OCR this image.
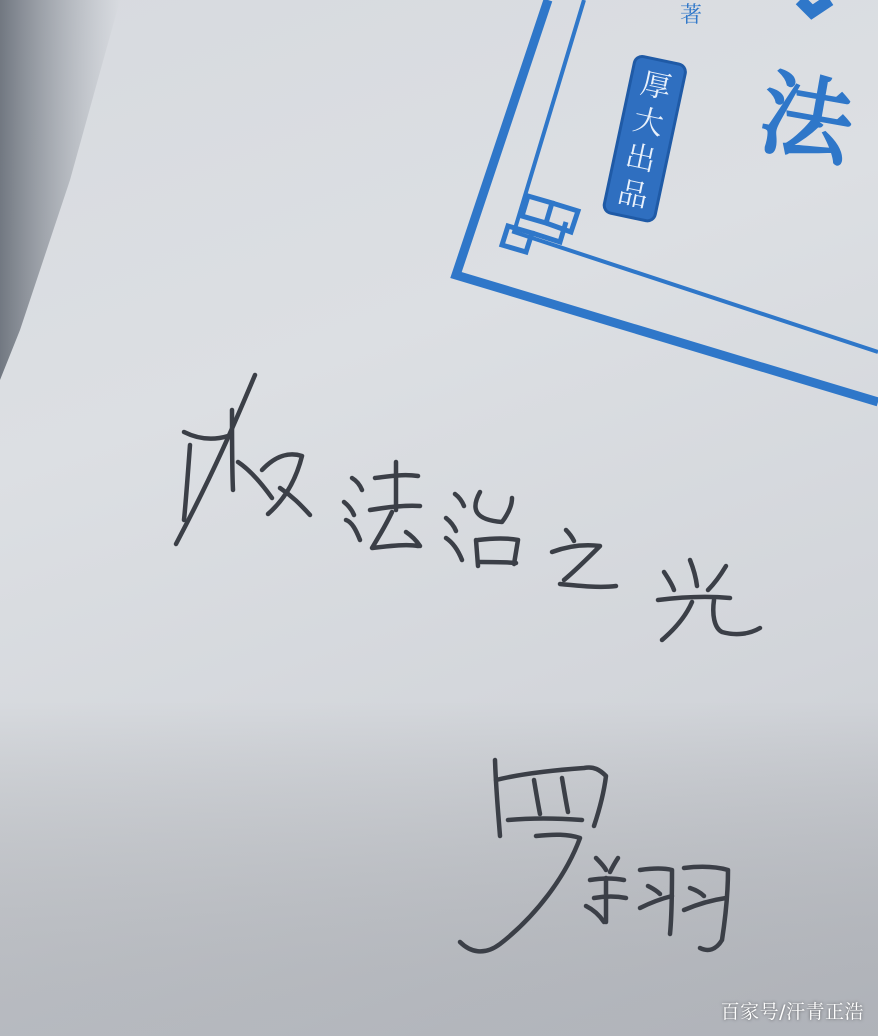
法
著
厚
大
出
品
百家号/汗青正浩
